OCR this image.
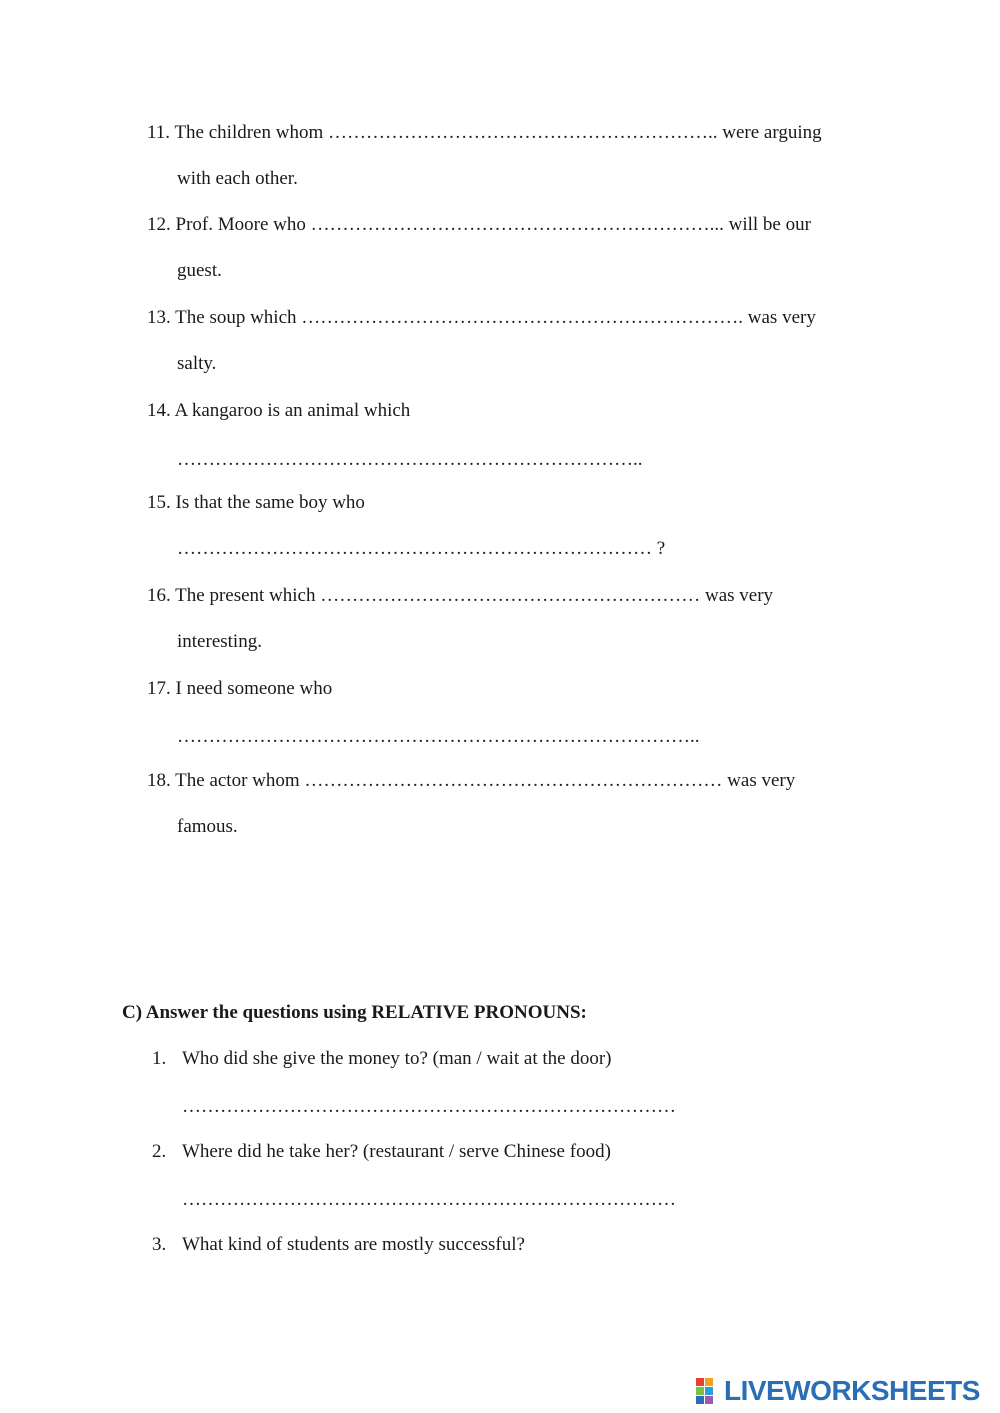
11. The children whom …………………………………………………….. were arguing
with each other.
12. Prof. Moore who ………………………………………………………... will be our
guest.
13. The soup which ……………………………………………………………. was very
salty.
14. A kangaroo is an animal which
………………………………………………………………..
15. Is that the same boy who
………………………………………………………………… ?
16. The present which …………………………………………………… was very
interesting.
17. I need someone who
………………………………………………………………………..
18. The actor whom ………………………………………………………… was very
famous.
C) Answer the questions using RELATIVE PRONOUNS:
1. Who did she give the money to? (man / wait at the door)
……………………………………………………………………
2. Where did he take her? (restaurant / serve Chinese food)
……………………………………………………………………
3. What kind of students are mostly successful?
LIVEWORKSHEETS
